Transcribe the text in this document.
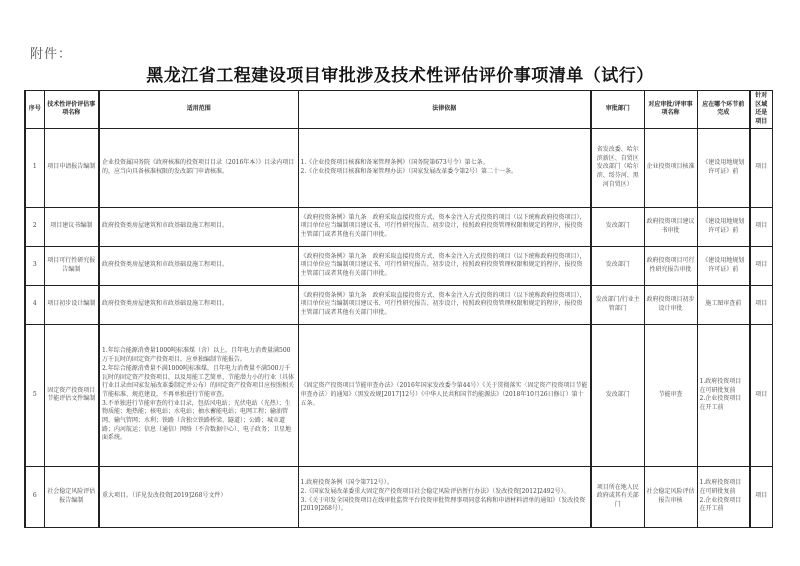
附件：
黑龙江省工程建设项目审批涉及技术性评估评价事项清单（试行）
序号	技术性评价评估事项名称	适用范围	法律依据	审批部门	对应审批/评审事项名称	应在哪个环节前完成	针对区域还是项目
1	项目申请报告编制	企业投资属国务院《政府核准的投资项目目录（2016年本）》目录内项目的，应当向具备核准权限的发改部门申请核准。	1.《企业投资项目核准和备案管理条例》（国务院第673号令）第七条。
2.《企业投资项目核准和备案管理办法》（国家发展改革委令第2号）第二十一条。	省发改委、哈尔滨新区、自贸区发改部门（哈尔滨、绥芬河、黑河自贸区）	企业投资项目核准	《建设用地规划许可证》前	项目
2	项目建议书编制	政府投资类房屋建筑和市政基础设施工程项目。	《政府投资条例》第九条　政府采取直接投资方式、资本金注入方式投资的项目（以下统称政府投资项目），项目单位应当编制项目建议书、可行性研究报告、初步设计，按照政府投资管理权限和规定的程序，报投资主管部门或者其他有关部门审批。	发改部门	政府投资项目建议书审批	《建设用地规划许可证》前	项目
3	项目可行性研究报告编制	政府投资类房屋建筑和市政基础设施工程项目。	《政府投资条例》第九条　政府采取直接投资方式、资本金注入方式投资的项目（以下统称政府投资项目），项目单位应当编制项目建议书、可行性研究报告、初步设计，按照政府投资管理权限和规定的程序，报投资主管部门或者其他有关部门审批。	发改部门	政府投资项目可行性研究报告审批	《建设用地规划许可证》前	项目
4	项目初步设计编制	政府投资类房屋建筑和市政基础设施工程项目。	《政府投资条例》第九条　政府采取直接投资方式、资本金注入方式投资的项目（以下统称政府投资项目），项目单位应当编制项目建议书、可行性研究报告、初步设计，按照政府投资管理权限和规定的程序，报投资主管部门或者其他有关部门审批。	发改部门/行业主管部门	政府投资项目初步设计审批	施工图审查前	项目
5	固定资产投资项目节能评估文件编制	1.年综合能源消费量1000吨标准煤（含）以上，且年电力消费量满500万千瓦时的固定资产投资项目，应单独编制节能报告。
2.年综合能源消费量不满1000吨标准煤，且年电力消费量不满500万千瓦时的固定资产投资项目，以及用能工艺简单、节能潜力小的行业（具体行业目录由国家发展改革委制定并公布）的固定资产投资项目应按照相关节能标准、规范建设，不再单独进行节能审查。
3.不单独进行节能审查的行业目录，包括风电站；光伏电站（光热）；生物质能；地热能；核电站；水电站；抽水蓄能电站；电网工程；输油管网、输气管网；水利；铁路（含独立铁路桥梁、隧道）；公路；城市道路；内河航运；信息（通信）网络（不含数据中心）、电子政务；卫星地面系统。	《固定资产投资项目节能审查办法》（2016年国家发改委令第44号）《关于贯彻落实〈固定资产投资项目节能审查办法〉的通知》（黑发改规[2017]12号）《中华人民共和国节约能源法》（2018年10月26日修订）第十五条。	发改部门	节能审查	1.政府投资项目在可研批复前
2.企业投资项目在开工前	项目
6	社会稳定风险评估报告编制	重大项目。（详见发改投资[2019]268号文件）	1.政府投资条例（国令第712号）。
2.《国家发展改革委重大固定资产投资项目社会稳定风险评估暂行办法》（发改投资[2012]2492号）。
3.《关于印发全国投资项目在线审批监管平台投资审批管理事项同意名称和申请材料清单的通知》（发改投资[2019]268号）。	项目所在地人民政府或其有关部门	社会稳定风险评估报告审核	1.政府投资项目在可研批复前
2.企业投资项目在开工前	项目
